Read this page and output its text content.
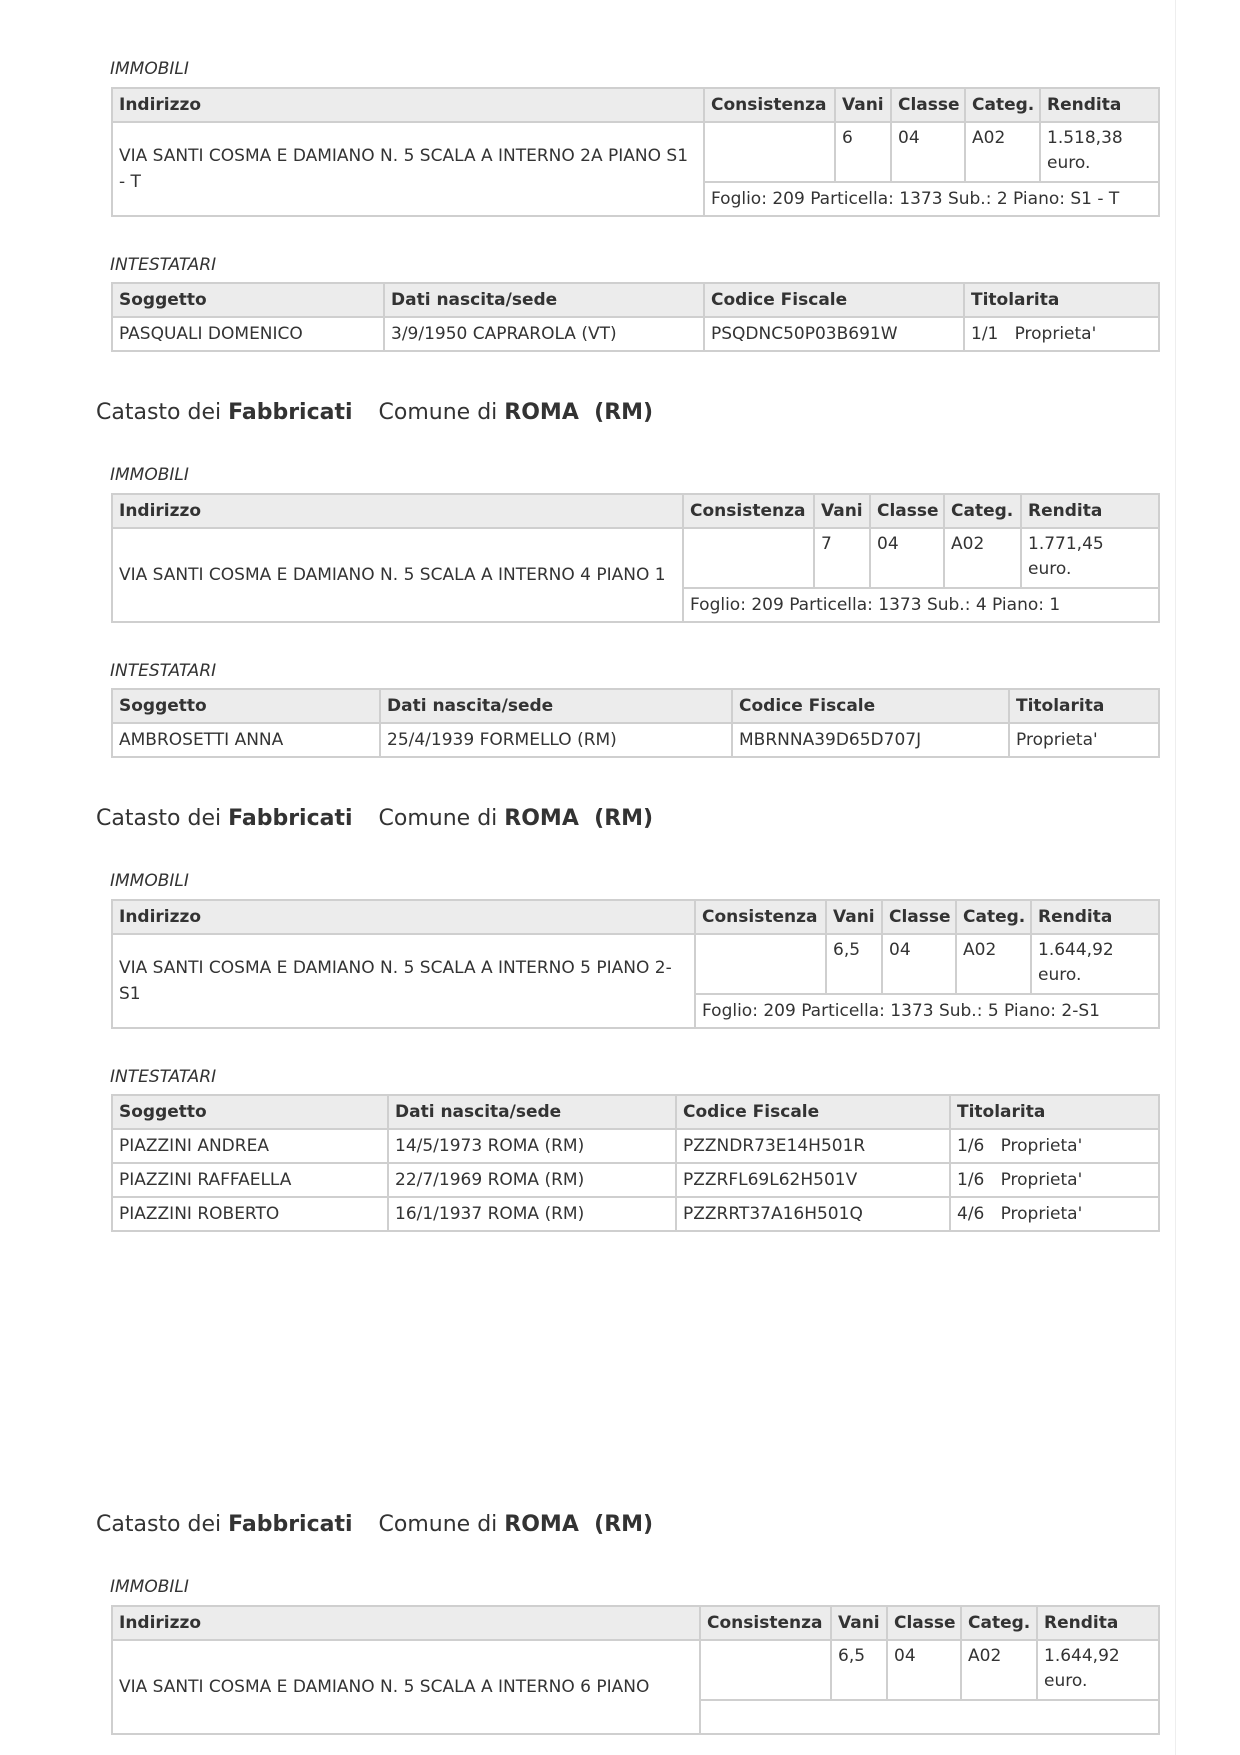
IMMOBILI
Indirizzo	Consistenza	Vani	Classe	Categ.	Rendita
VIA SANTI COSMA E DAMIANO N. 5 SCALA A INTERNO 2A PIANO S1 - T		6	04	A02	1.518,38
euro.
	Foglio: 209 Particella: 1373 Sub.: 2 Piano: S1 - T				
INTESTATARI
Soggetto	Dati nascita/sede	Codice Fiscale	Titolarita
PASQUALI DOMENICO	3/9/1950 CAPRAROLA (VT)	PSQDNC50P03B691W	1/1   Proprieta'
Catasto dei Fabbricati Comune di ROMA  (RM)
IMMOBILI
Indirizzo	Consistenza	Vani	Classe	Categ.	Rendita
VIA SANTI COSMA E DAMIANO N. 5 SCALA A INTERNO 4 PIANO 1		7	04	A02	1.771,45
euro.
	Foglio: 209 Particella: 1373 Sub.: 4 Piano: 1				
INTESTATARI
Soggetto	Dati nascita/sede	Codice Fiscale	Titolarita
AMBROSETTI ANNA	25/4/1939 FORMELLO (RM)	MBRNNA39D65D707J	Proprieta'
Catasto dei Fabbricati Comune di ROMA  (RM)
IMMOBILI
Indirizzo	Consistenza	Vani	Classe	Categ.	Rendita
VIA SANTI COSMA E DAMIANO N. 5 SCALA A INTERNO 5 PIANO 2-S1		6,5	04	A02	1.644,92
euro.
	Foglio: 209 Particella: 1373 Sub.: 5 Piano: 2-S1				
INTESTATARI
Soggetto	Dati nascita/sede	Codice Fiscale	Titolarita
PIAZZINI ANDREA	14/5/1973 ROMA (RM)	PZZNDR73E14H501R	1/6   Proprieta'
PIAZZINI RAFFAELLA	22/7/1969 ROMA (RM)	PZZRFL69L62H501V	1/6   Proprieta'
PIAZZINI ROBERTO	16/1/1937 ROMA (RM)	PZZRRT37A16H501Q	4/6   Proprieta'
Catasto dei Fabbricati Comune di ROMA  (RM)
IMMOBILI
Indirizzo	Consistenza	Vani	Classe	Categ.	Rendita
VIA SANTI COSMA E DAMIANO N. 5 SCALA A INTERNO 6 PIANO		6,5	04	A02	1.644,92
euro.
